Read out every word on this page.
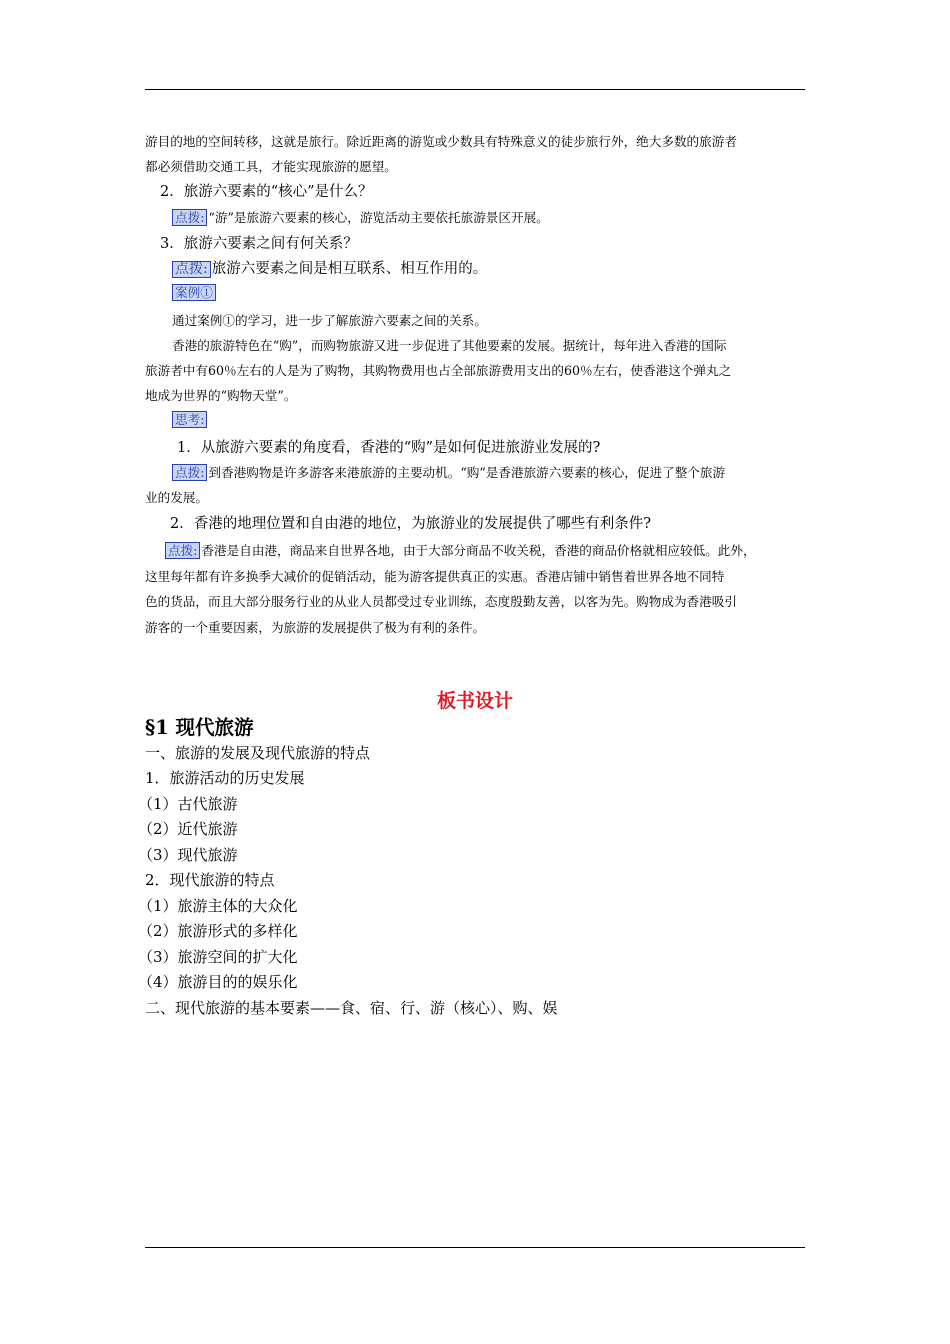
游目的地的空间转移，这就是旅行。除近距离的游览或少数具有特殊意义的徒步旅行外，绝大多数的旅游者
都必须借助交通工具，才能实现旅游的愿望。
2．旅游六要素的“核心”是什么？
点拨: “游”是旅游六要素的核心，游览活动主要依托旅游景区开展。
3．旅游六要素之间有何关系？
点拨: 旅游六要素之间是相互联系、相互作用的。
案例①
通过案例①的学习，进一步了解旅游六要素之间的关系。
香港的旅游特色在“购”，而购物旅游又进一步促进了其他要素的发展。据统计，每年进入香港的国际
旅游者中有60％左右的人是为了购物，其购物费用也占全部旅游费用支出的60％左右，使香港这个弹丸之
地成为世界的“购物天堂”。
思考:
1．从旅游六要素的角度看，香港的“购”是如何促进旅游业发展的?
点拨: 到香港购物是许多游客来港旅游的主要动机。“购”是香港旅游六要素的核心，促进了整个旅游
业的发展。
2．香港的地理位置和自由港的地位，为旅游业的发展提供了哪些有利条件?
点拨: 香港是自由港，商品来自世界各地，由于大部分商品不收关税，香港的商品价格就相应较低。此外，
这里每年都有许多换季大减价的促销活动，能为游客提供真正的实惠。香港店铺中销售着世界各地不同特
色的货品，而且大部分服务行业的从业人员都受过专业训练，态度殷勤友善，以客为先。购物成为香港吸引
游客的一个重要因素，为旅游的发展提供了极为有利的条件。
板书设计
§1 现代旅游
一、旅游的发展及现代旅游的特点
1．旅游活动的历史发展
（1）古代旅游
（2）近代旅游
（3）现代旅游
2．现代旅游的特点
（1）旅游主体的大众化
（2）旅游形式的多样化
（3）旅游空间的扩大化
（4）旅游目的的娱乐化
二、现代旅游的基本要素——食、宿、行、游（核心）、购、娱
